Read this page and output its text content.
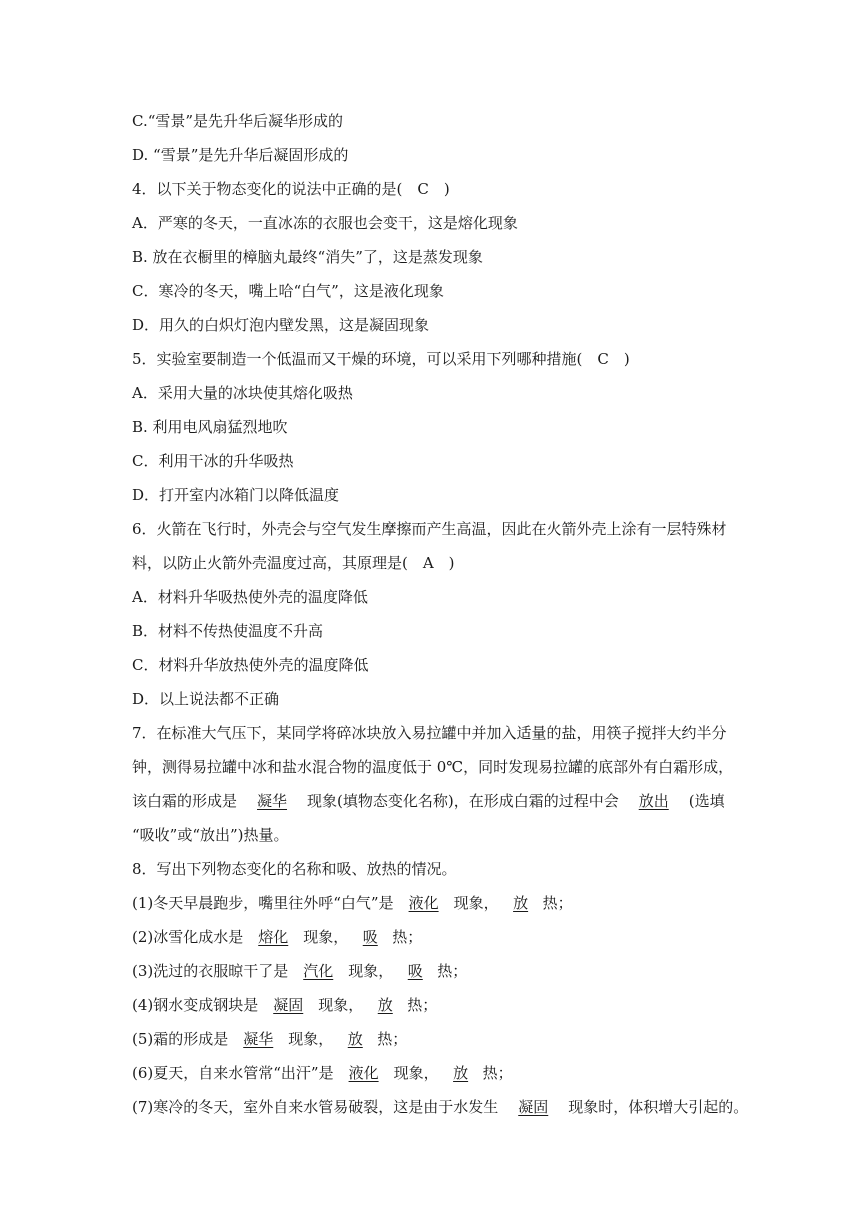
C.“雪景”是先升华后凝华形成的
D. “雪景”是先升华后凝固形成的
4．以下关于物态变化的说法中正确的是(　C　)
A．严寒的冬天，一直冰冻的衣服也会变干，这是熔化现象
B. 放在衣橱里的樟脑丸最终“消失”了，这是蒸发现象
C．寒冷的冬天，嘴上哈“白气”，这是液化现象
D．用久的白炽灯泡内壁发黑，这是凝固现象
5．实验室要制造一个低温而又干燥的环境，可以采用下列哪种措施(　C　)
A．采用大量的冰块使其熔化吸热
B. 利用电风扇猛烈地吹
C．利用干冰的升华吸热
D．打开室内冰箱门以降低温度
6．火箭在飞行时，外壳会与空气发生摩擦而产生高温，因此在火箭外壳上涂有一层特殊材
料，以防止火箭外壳温度过高，其原理是(　A　)
A．材料升华吸热使外壳的温度降低
B．材料不传热使温度不升高
C．材料升华放热使外壳的温度降低
D．以上说法都不正确
7．在标准大气压下，某同学将碎冰块放入易拉罐中并加入适量的盐，用筷子搅拌大约半分
钟，测得易拉罐中冰和盐水混合物的温度低于 0℃，同时发现易拉罐的底部外有白霜形成，
该白霜的形成是 凝华 现象(填物态变化名称)，在形成白霜的过程中会 放出 (选填
“吸收”或“放出”)热量。
8．写出下列物态变化的名称和吸、放热的情况。
(1)冬天早晨跑步，嘴里往外呼“白气”是 液化 现象， 放 热；
(2)冰雪化成水是 熔化 现象， 吸 热；
(3)洗过的衣服晾干了是 汽化 现象， 吸 热；
(4)钢水变成钢块是 凝固 现象， 放 热；
(5)霜的形成是 凝华 现象， 放 热；
(6)夏天，自来水管常“出汗”是 液化 现象， 放 热；
(7)寒冷的冬天，室外自来水管易破裂，这是由于水发生 凝固 现象时，体积增大引起的。
